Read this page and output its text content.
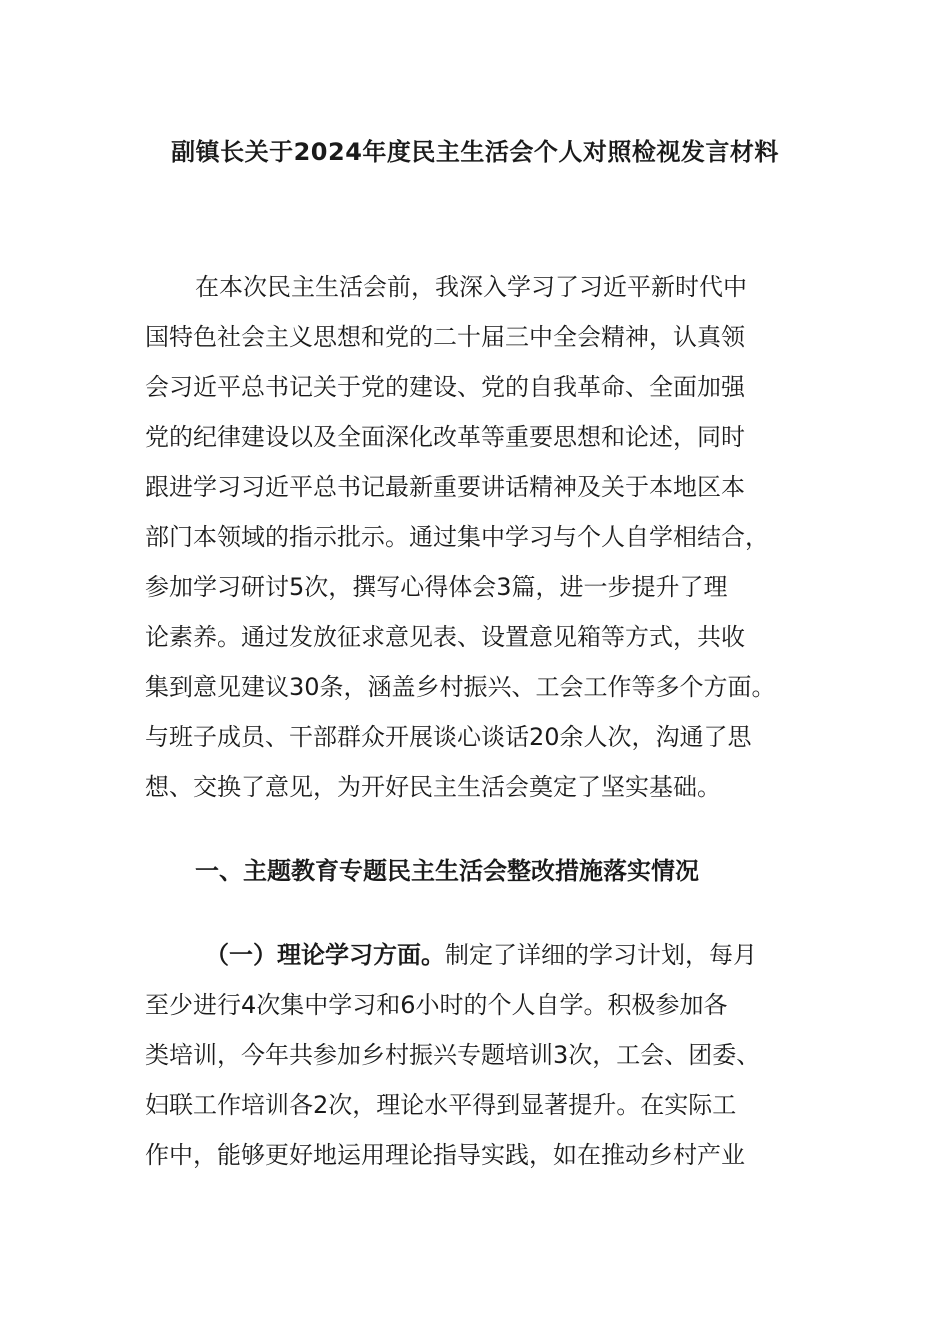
副镇长关于2024年度民主生活会个人对照检视发言材料
在本次民主生活会前，我深入学习了习近平新时代中
国特色社会主义思想和党的二十届三中全会精神，认真领
会习近平总书记关于党的建设、党的自我革命、全面加强
党的纪律建设以及全面深化改革等重要思想和论述，同时
跟进学习习近平总书记最新重要讲话精神及关于本地区本
部门本领域的指示批示。通过集中学习与个人自学相结合，
参加学习研讨5次，撰写心得体会3篇，进一步提升了理
论素养。通过发放征求意见表、设置意见箱等方式，共收
集到意见建议30条，涵盖乡村振兴、工会工作等多个方面。
与班子成员、干部群众开展谈心谈话20余人次，沟通了思
想、交换了意见，为开好民主生活会奠定了坚实基础。
一、主题教育专题民主生活会整改措施落实情况
（一）理论学习方面。制定了详细的学习计划，每月
至少进行4次集中学习和6小时的个人自学。积极参加各
类培训，今年共参加乡村振兴专题培训3次，工会、团委、
妇联工作培训各2次，理论水平得到显著提升。在实际工
作中，能够更好地运用理论指导实践，如在推动乡村产业
